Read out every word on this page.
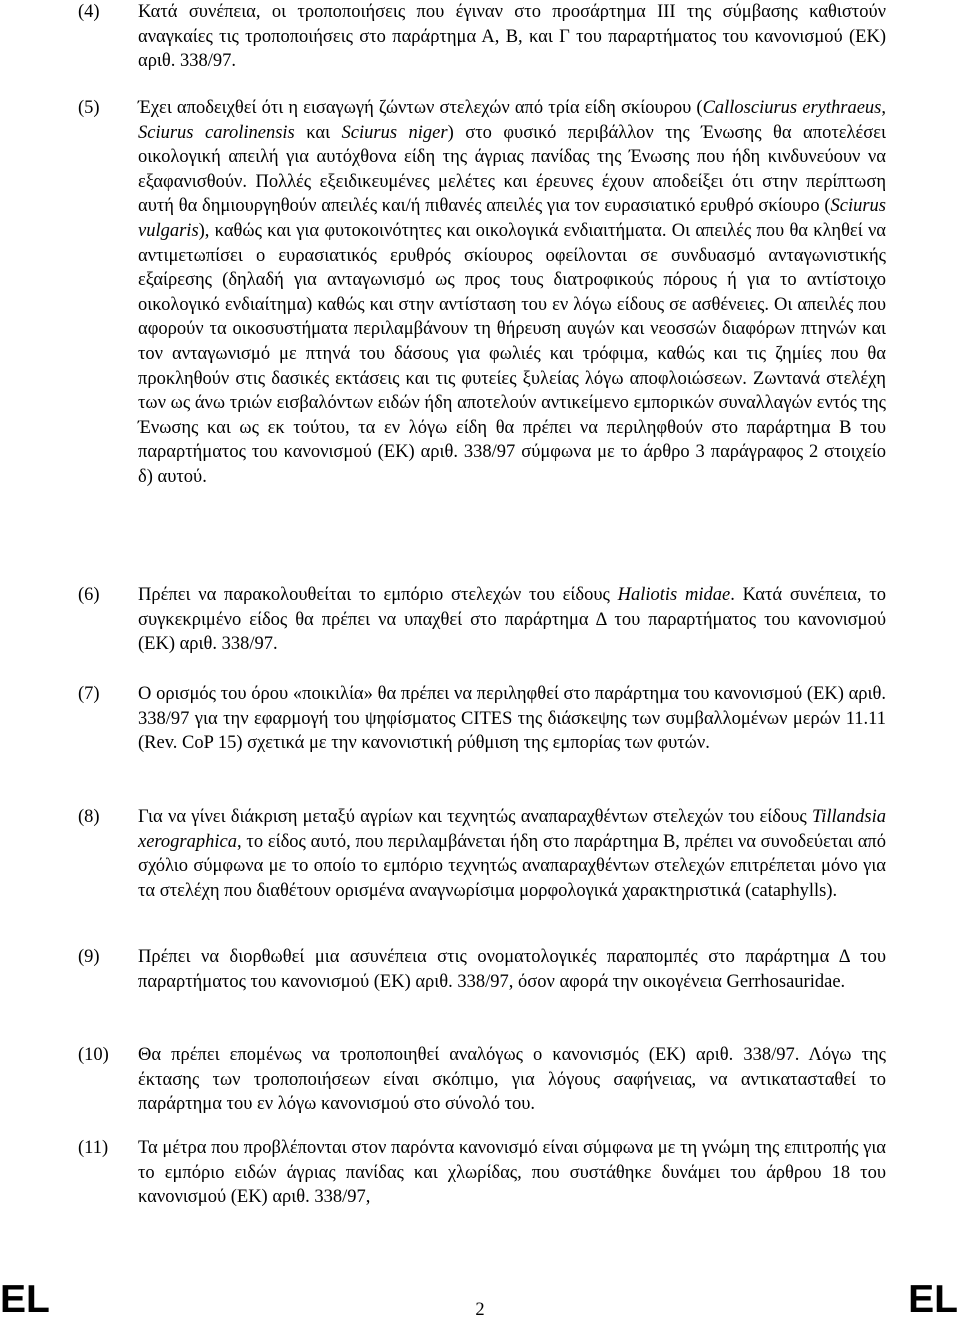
(4) Κατά συνέπεια, οι τροποποιήσεις που έγιναν στο προσάρτημα ΙΙΙ της σύμβασης καθιστούν αναγκαίες τις τροποποιήσεις στο παράρτημα Α, Β, και Γ του παραρτήματος του κανονισμού (ΕΚ) αριθ. 338/97.
(5) Έχει αποδειχθεί ότι η εισαγωγή ζώντων στελεχών από τρία είδη σκίουρου (Callosciurus erythraeus, Sciurus carolinensis και Sciurus niger) στο φυσικό περιβάλλον της Ένωσης θα αποτελέσει οικολογική απειλή για αυτόχθονα είδη της άγριας πανίδας της Ένωσης που ήδη κινδυνεύουν να εξαφανισθούν. Πολλές εξειδικευμένες μελέτες και έρευνες έχουν αποδείξει ότι στην περίπτωση αυτή θα δημιουργηθούν απειλές και/ή πιθανές απειλές για τον ευρασιατικό ερυθρό σκίουρο (Sciurus vulgaris), καθώς και για φυτοκοινότητες και οικολογικά ενδιαιτήματα. Οι απειλές που θα κληθεί να αντιμετωπίσει ο ευρασιατικός ερυθρός σκίουρος οφείλονται σε συνδυασμό ανταγωνιστικής εξαίρεσης (δηλαδή για ανταγωνισμό ως προς τους διατροφικούς πόρους ή για το αντίστοιχο οικολογικό ενδιαίτημα) καθώς και στην αντίσταση του εν λόγω είδους σε ασθένειες. Οι απειλές που αφορούν τα οικοσυστήματα περιλαμβάνουν τη θήρευση αυγών και νεοσσών διαφόρων πτηνών και τον ανταγωνισμό με πτηνά του δάσους για φωλιές και τρόφιμα, καθώς και τις ζημίες που θα προκληθούν στις δασικές εκτάσεις και τις φυτείες ξυλείας λόγω αποφλοιώσεων. Ζωντανά στελέχη των ως άνω τριών εισβαλόντων ειδών ήδη αποτελούν αντικείμενο εμπορικών συναλλαγών εντός της Ένωσης και ως εκ τούτου, τα εν λόγω είδη θα πρέπει να περιληφθούν στο παράρτημα Β του παραρτήματος του κανονισμού (ΕΚ) αριθ. 338/97 σύμφωνα με το άρθρο 3 παράγραφος 2 στοιχείο δ) αυτού.
(6) Πρέπει να παρακολουθείται το εμπόριο στελεχών του είδους Haliotis midae. Κατά συνέπεια, το συγκεκριμένο είδος θα πρέπει να υπαχθεί στο παράρτημα Δ του παραρτήματος του κανονισμού (ΕΚ) αριθ. 338/97.
(7) Ο ορισμός του όρου «ποικιλία» θα πρέπει να περιληφθεί στο παράρτημα του κανονισμού (ΕΚ) αριθ. 338/97 για την εφαρμογή του ψηφίσματος CITES της διάσκεψης των συμβαλλομένων μερών 11.11 (Rev. CoP 15) σχετικά με την κανονιστική ρύθμιση της εμπορίας των φυτών.
(8) Για να γίνει διάκριση μεταξύ αγρίων και τεχνητώς αναπαραχθέντων στελεχών του είδους Tillandsia xerographica, το είδος αυτό, που περιλαμβάνεται ήδη στο παράρτημα Β, πρέπει να συνοδεύεται από σχόλιο σύμφωνα με το οποίο το εμπόριο τεχνητώς αναπαραχθέντων στελεχών επιτρέπεται μόνο για τα στελέχη που διαθέτουν ορισμένα αναγνωρίσιμα μορφολογικά χαρακτηριστικά (cataphylls).
(9) Πρέπει να διορθωθεί μια ασυνέπεια στις ονοματολογικές παραπομπές στο παράρτημα Δ του παραρτήματος του κανονισμού (ΕΚ) αριθ. 338/97, όσον αφορά την οικογένεια Gerrhosauridae.
(10) Θα πρέπει επομένως να τροποποιηθεί αναλόγως ο κανονισμός (ΕΚ) αριθ. 338/97. Λόγω της έκτασης των τροποποιήσεων είναι σκόπιμο, για λόγους σαφήνειας, να αντικατασταθεί το παράρτημα του εν λόγω κανονισμού στο σύνολό του.
(11) Τα μέτρα που προβλέπονται στον παρόντα κανονισμό είναι σύμφωνα με τη γνώμη της επιτροπής για το εμπόριο ειδών άγριας πανίδας και χλωρίδας, που συστάθηκε δυνάμει του άρθρου 18 του κανονισμού (ΕΚ) αριθ. 338/97,
EL	2	EL
